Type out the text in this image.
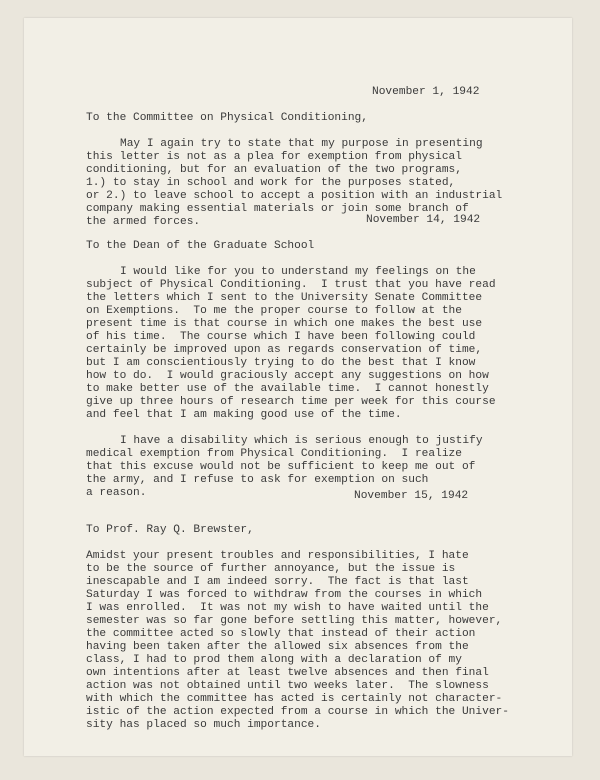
November 1, 1942
To the Committee on Physical Conditioning,
May I again try to state that my purpose in presenting
this letter is not as a plea for exemption from physical
conditioning, but for an evaluation of the two programs,
1.) to stay in school and work for the purposes stated,
or 2.) to leave school to accept a position with an industrial
company making essential materials or join some branch of
the armed forces.	November 14, 1942
To the Dean of the Graduate School
I would like for you to understand my feelings on the
subject of Physical Conditioning.  I trust that you have read
the letters which I sent to the University Senate Committee
on Exemptions.  To me the proper course to follow at the
present time is that course in which one makes the best use
of his time.  The course which I have been following could
certainly be improved upon as regards conservation of time,
but I am conscientiously trying to do the best that I know
how to do.  I would graciously accept any suggestions on how
to make better use of the available time.  I cannot honestly
give up three hours of research time per week for this course
and feel that I am making good use of the time.
I have a disability which is serious enough to justify
medical exemption from Physical Conditioning.  I realize
that this excuse would not be sufficient to keep me out of
the army, and I refuse to ask for exemption on such
a reason.	November 15, 1942
To Prof. Ray Q. Brewster,
Amidst your present troubles and responsibilities, I hate
to be the source of further annoyance, but the issue is
inescapable and I am indeed sorry.  The fact is that last
Saturday I was forced to withdraw from the courses in which
I was enrolled.  It was not my wish to have waited until the
semester was so far gone before settling this matter, however,
the committee acted so slowly that instead of their action
having been taken after the allowed six absences from the
class, I had to prod them along with a declaration of my
own intentions after at least twelve absences and then final
action was not obtained until two weeks later.  The slowness
with which the committee has acted is certainly not character-
istic of the action expected from a course in which the Univer-
sity has placed so much importance.
